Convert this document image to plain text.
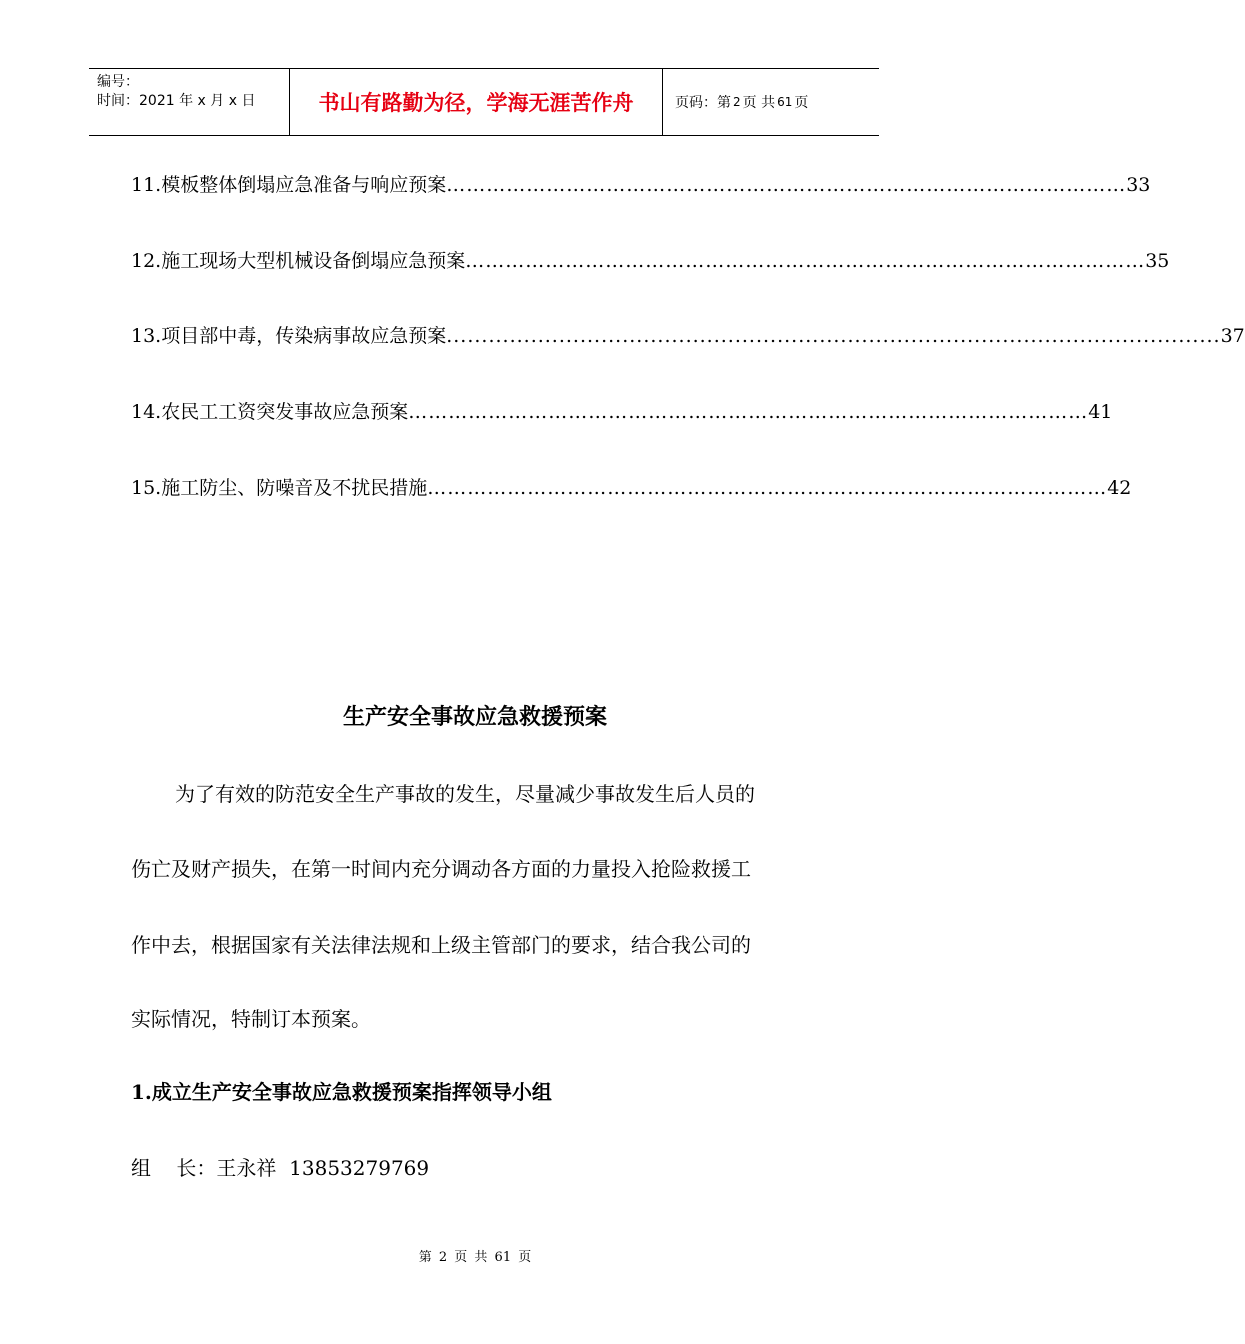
编号：
时间：2021 年 x 月 x 日	书山有路勤为径，学海无涯苦作舟	页码：第 2 页 共 61 页
11.模板整体倒塌应急准备与响应预案 ………………………………………………………………………………………… 33
12.施工现场大型机械设备倒塌应急预案 ………………………………………………………………………………………… 35
13.项目部中毒，传染病事故应急预案 .............................................................................................................. 37
14.农民工工资突发事故应急预案 ………………………………………………………………………………………… 41
15.施工防尘、防噪音及不扰民措施 ………………………………………………………………………………………… 42
生产安全事故应急救援预案
为了有效的防范安全生产事故的发生，尽量减少事故发生后人员的
伤亡及财产损失，在第一时间内充分调动各方面的力量投入抢险救援工
作中去，根据国家有关法律法规和上级主管部门的要求，结合我公司的
实际情况，特制订本预案。
1.成立生产安全事故应急救援预案指挥领导小组
组    长：王永祥  13853279769
第 2 页 共 61 页
